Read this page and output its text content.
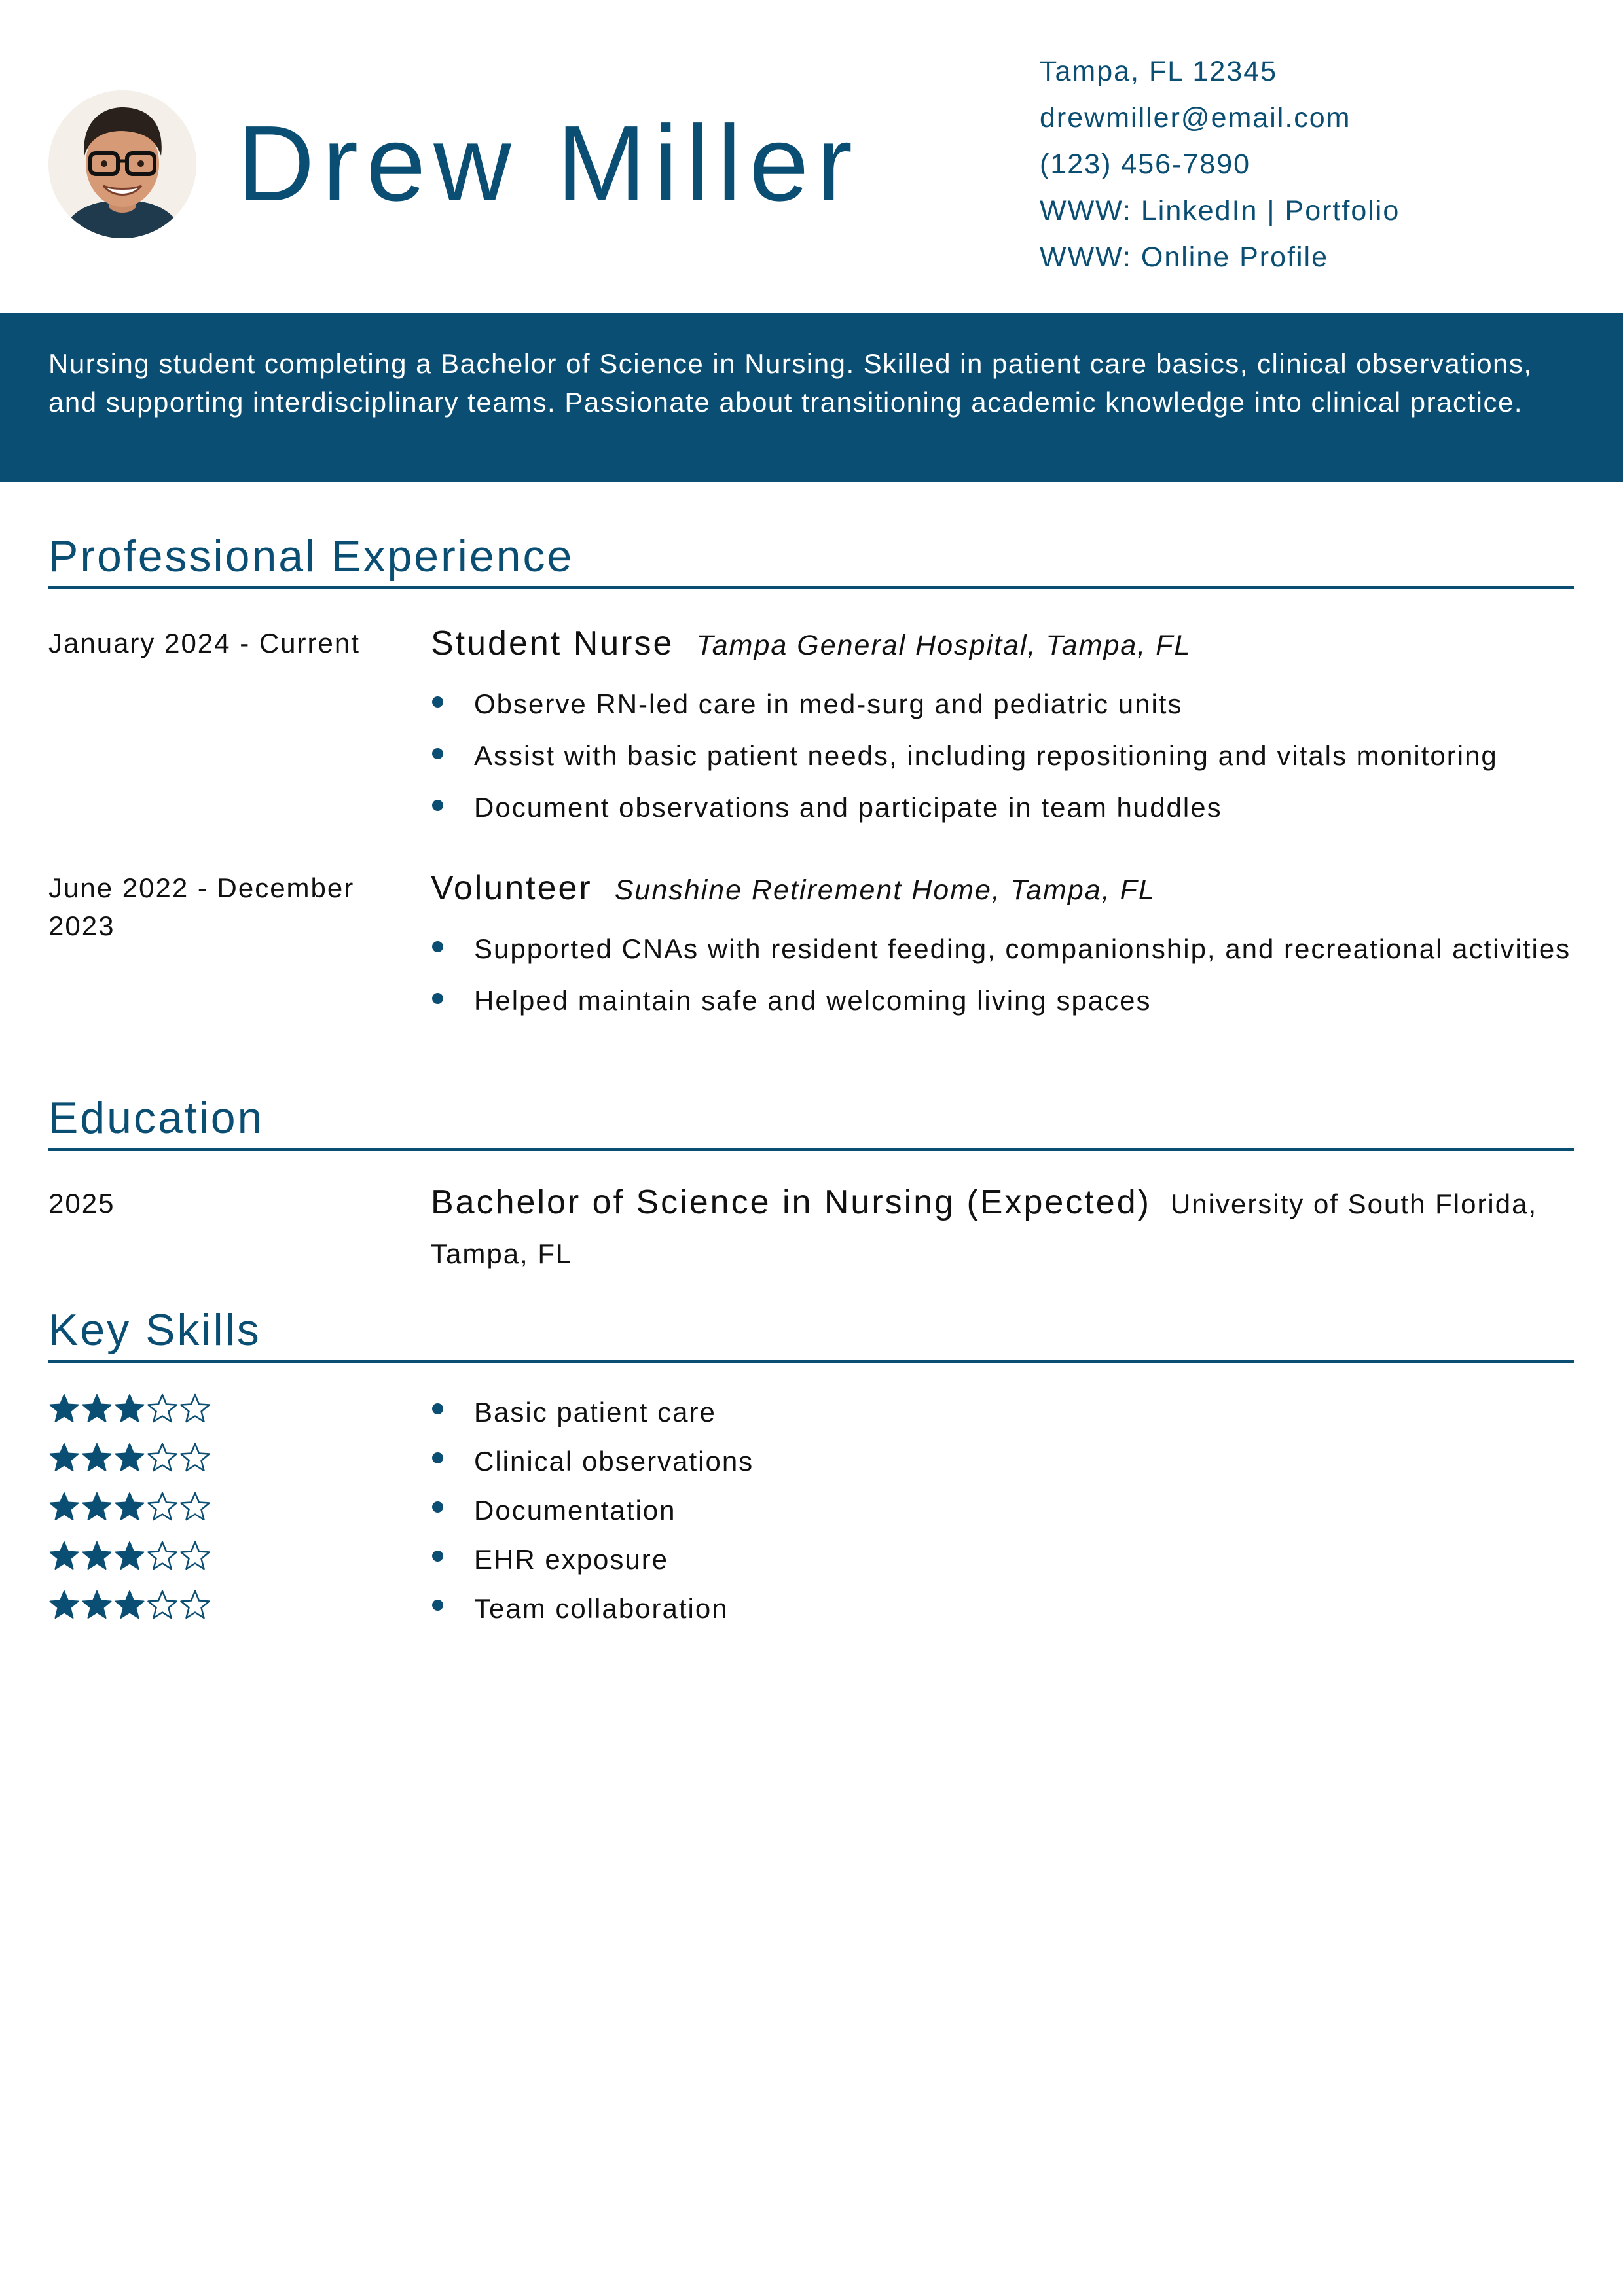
Drew Miller
Tampa, FL 12345
drewmiller@email.com
(123) 456-7890
WWW: LinkedIn | Portfolio
WWW: Online Profile
Nursing student completing a Bachelor of Science in Nursing. Skilled in patient care basics, clinical observations, and supporting interdisciplinary teams. Passionate about transitioning academic knowledge into clinical practice.
Professional Experience
January 2024 - Current	Student Nurse Tampa General Hospital, Tampa, FL
Observe RN-led care in med-surg and pediatric units
Assist with basic patient needs, including repositioning and vitals monitoring
Document observations and participate in team huddles
June 2022 - December 2023
Volunteer Sunshine Retirement Home, Tampa, FL
Supported CNAs with resident feeding, companionship, and recreational activities
Helped maintain safe and welcoming living spaces
Education
2025	Bachelor of Science in Nursing (Expected) University of South Florida,
Tampa, FL
Key Skills
Basic patient care
Clinical observations
Documentation
EHR exposure
Team collaboration
